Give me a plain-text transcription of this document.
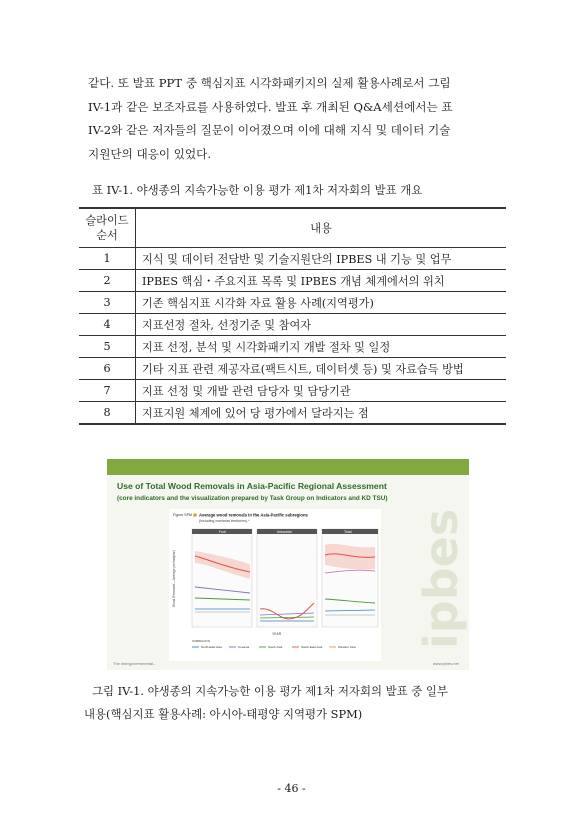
같다. 또 발표 PPT 중 핵심지표 시각화패키지의 실제 활용사례로서 그림
IV-1과 같은 보조자료를 사용하였다. 발표 후 개최된 Q&A세션에서는 표
IV-2와 같은 저자들의 질문이 이어졌으며 이에 대해 지식 및 데이터 기술
지원단의 대응이 있었다.
표 IV-1. 야생종의 지속가능한 이용 평가 제1차 저자회의 발표 개요
슬라이드
순서	내용
1	지식 및 데이터 전담반 및 기술지원단의 IPBES 내 기능 및 업무
2	IPBES 핵심・주요지표 목록 및 IPBES 개념 체계에서의 위치
3	기존 핵심지표 시각화 자료 활용 사례(지역평가)
4	지표선정 절차, 선정기준 및 참여자
5	지표 선정, 분석 및 시각화패키지 개발 절차 및 일정
6	기타 지표 관련 제공자료(팩트시트, 데이터셋 등) 및 자료습득 방법
7	지표 선정 및 개발 관련 담당자 및 담당기관
8	지표지원 체계에 있어 당 평가에서 달라지는 점
Use of Total Wood Removals in Asia-Pacific Regional Assessment
(core indicators and the visualization prepared by Task Group on Indicators and KD TSU)
ipbes
Figure SPM Average wood removals in the Asia-Pacific subregions
(including overseas territories).*
Wood Removals – Average (m³/ha/year)
Fuel	Industrial	Total
YEAR
SUBREGION
North-East Asia	Oceania	South Asia	South-East Asia	Western Asia
The intergovernmental...	www.ipbes.net
그림 IV-1. 야생종의 지속가능한 이용 평가 제1차 저자회의 발표 중 일부
내용(핵심지표 활용사례: 아시아-태평양 지역평가 SPM)
- 46 -
